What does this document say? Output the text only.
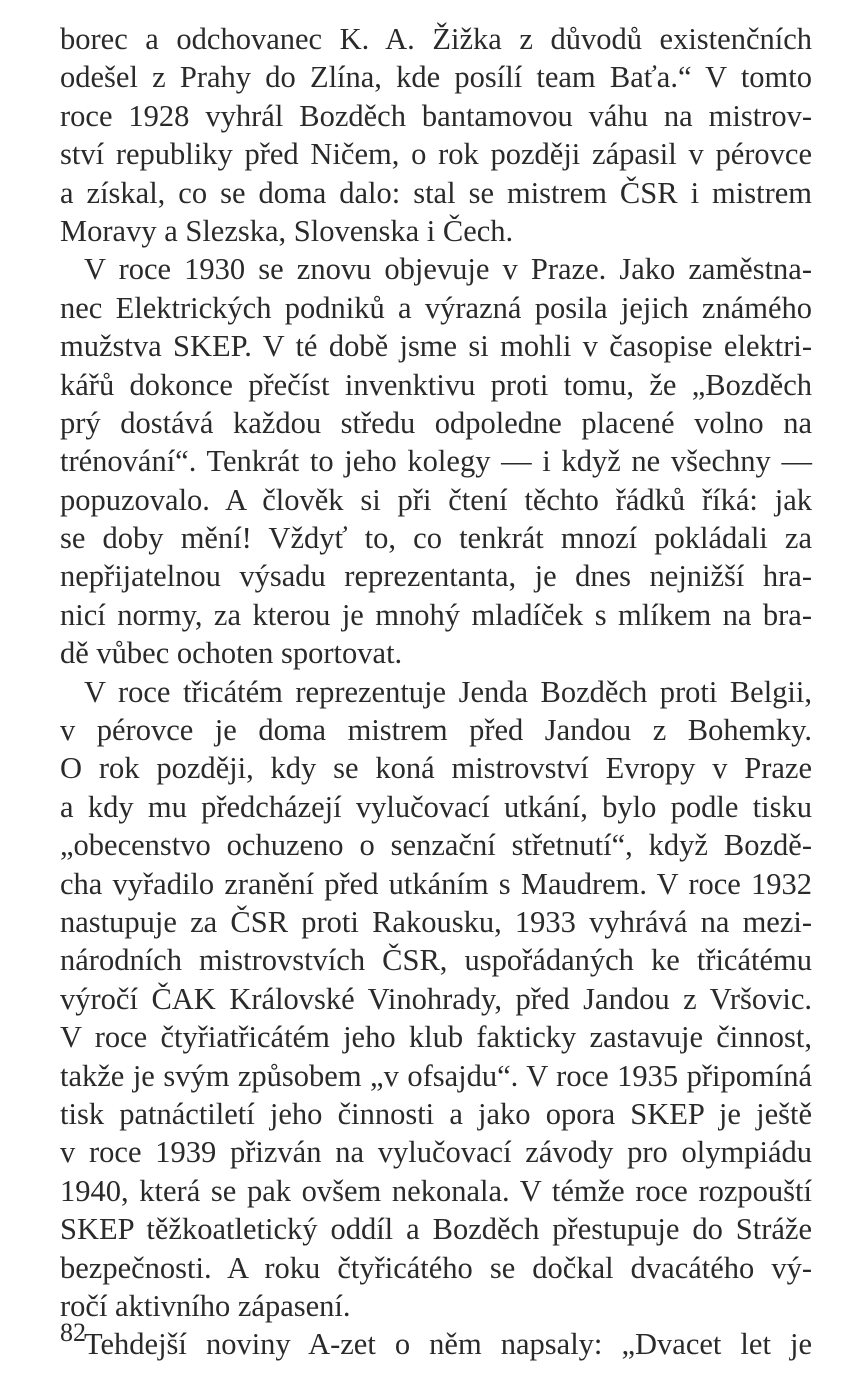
borec a odchovanec K. A. Žižka z důvodů existenčních
odešel z Prahy do Zlína, kde posílí team Baťa.“ V tomto
roce 1928 vyhrál Bozděch bantamovou váhu na mistrov-
ství republiky před Ničem, o rok později zápasil v pérovce
a získal, co se doma dalo: stal se mistrem ČSR i mistrem
Moravy a Slezska, Slovenska i Čech.

V roce 1930 se znovu objevuje v Praze. Jako zaměstna-
nec Elektrických podniků a výrazná posila jejich známého
mužstva SKEP. V té době jsme si mohli v časopise elektri-
kářů dokonce přečíst invenktivu proti tomu, že „Bozděch
prý dostává každou středu odpoledne placené volno na
trénování“. Tenkrát to jeho kolegy — i když ne všechny —
popuzovalo. A člověk si při čtení těchto řádků říká: jak
se doby mění! Vždyť to, co tenkrát mnozí pokládali za
nepřijatelnou výsadu reprezentanta, je dnes nejnižší hra-
nicí normy, za kterou je mnohý mladíček s mlíkem na bra-
dě vůbec ochoten sportovat.

V roce třicátém reprezentuje Jenda Bozděch proti Belgii,
v pérovce je doma mistrem před Jandou z Bohemky.
O rok později, kdy se koná mistrovství Evropy v Praze
a kdy mu předcházejí vylučovací utkání, bylo podle tisku
„obecenstvo ochuzeno o senzační střetnutí“, když Bozdě-
cha vyřadilo zranění před utkáním s Maudrem. V roce 1932
nastupuje za ČSR proti Rakousku, 1933 vyhrává na mezi-
národních mistrovstvích ČSR, uspořádaných ke třicátému
výročí ČAK Královské Vinohrady, před Jandou z Vršovic.
V roce čtyřiatřicátém jeho klub fakticky zastavuje činnost,
takže je svým způsobem „v ofsajdu“. V roce 1935 připomíná
tisk patnáctiletí jeho činnosti a jako opora SKEP je ještě
v roce 1939 přizván na vylučovací závody pro olympiádu
1940, která se pak ovšem nekonala. V témže roce rozpouští
SKEP těžkoatletický oddíl a Bozděch přestupuje do Stráže
bezpečnosti. A roku čtyřicátého se dočkal dvacátého vý-
ročí aktivního zápasení.

Tehdejší noviny A-zet o něm napsaly: „Dvacet let je

82
